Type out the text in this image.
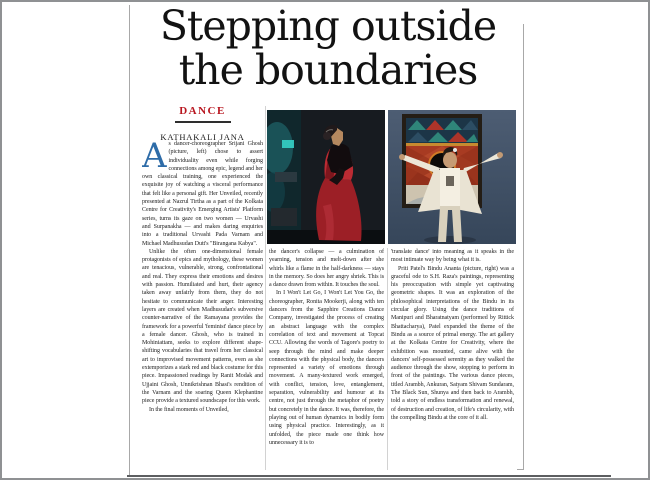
Stepping outside
the boundaries
DANCE
KATHAKALI JANA

As dancer-choreographer Srijani Ghosh (picture, left) chose to assert individuality even while forging connections among epic, legend and her own classical training, one experienced the exquisite joy of watching a visceral performance that felt like a personal gift. Her Unveiled, recently presented at Nazrul Tirtha as a part of the Kolkata Centre for Creativity's Emerging Artists' Platform series, turns its gaze on two women — Urvashi and Surpanakha — and makes daring enquiries into a traditional Urvashi Pada Varnam and Michael Madhusudan Dutt's "Birangana Kabya".

Unlike the often one-dimensional female protagonists of epics and mythology, these women are tenacious, vulnerable, strong, confrontational and real. They express their emotions and desires with passion. Humiliated and hurt, their agency taken away unfairly from them, they do not hesitate to communicate their anger. Interesting layers are created when Madhusudan's subversive counter-narrative of the Ramayana provides the framework for a powerful 'feminist' dance piece by a female dancer. Ghosh, who is trained in Mohiniattam, seeks to explore different shape-shifting vocabularies that travel from her classical art to improvised movement patterns, even as she extemporizes a stark red and black costume for this piece. Impassioned readings by Ranit Modak and Ujjaini Ghosh, Unnikrishnan Bhasi's rendition of the Varnam and the soaring Queen Klephantine piece provide a textured soundscape for this work.

In the final moments of Unveiled,

the dancer's collapse — a culmination of yearning, tension and melt-down after she whirls like a flame in the half-darkness — stays in the memory. So does her angry shriek. This is a dance drawn from within. It touches the soul.

In I Won't Let Go, I Won't Let You Go, the choreographer, Ronita Mookerji, along with ten dancers from the Sapphire Creations Dance Company, investigated the process of creating an abstract language with the complex correlation of text and movement at Topcat CCU. Allowing the words of Tagore's poetry to seep through the mind and make deeper connections with the physical body, the dancers represented a variety of emotions through movement. A many-textured work emerged, with conflict, tension, love, entanglement, separation, vulnerability and humour at its centre, not just through the metaphor of poetry but concretely in the dance. It was, therefore, the playing out of human dynamics in bodily form using physical practice. Interestingly, as it unfolded, the piece made one think how unnecessary it is to

'translate dance' into meaning as it speaks in the most intimate way by being what it is.

Priti Patel's Bindu Ananta (picture, right) was a graceful ode to S.H. Raza's paintings, representing his preoccupation with simple yet captivating geometric shapes. It was an exploration of the philosophical interpretations of the Bindu in its circular glory. Using the dance traditions of Manipuri and Bharatnatyam (performed by Rittick Bhattacharya), Patel expanded the theme of the Bindu as a source of primal energy. The art gallery at the Kolkata Centre for Creativity, where the exhibition was mounted, came alive with the dancers' self-possessed serenity as they walked the audience through the show, stopping to perform in front of the paintings. The various dance pieces, titled Arambh, Ankuran, Satyam Shivam Sundaram, The Black Sun, Shunya and then back to Arambh, told a story of endless transformation and renewal, of destruction and creation, of life's circularity, with the compelling Bindu at the core of it all.
